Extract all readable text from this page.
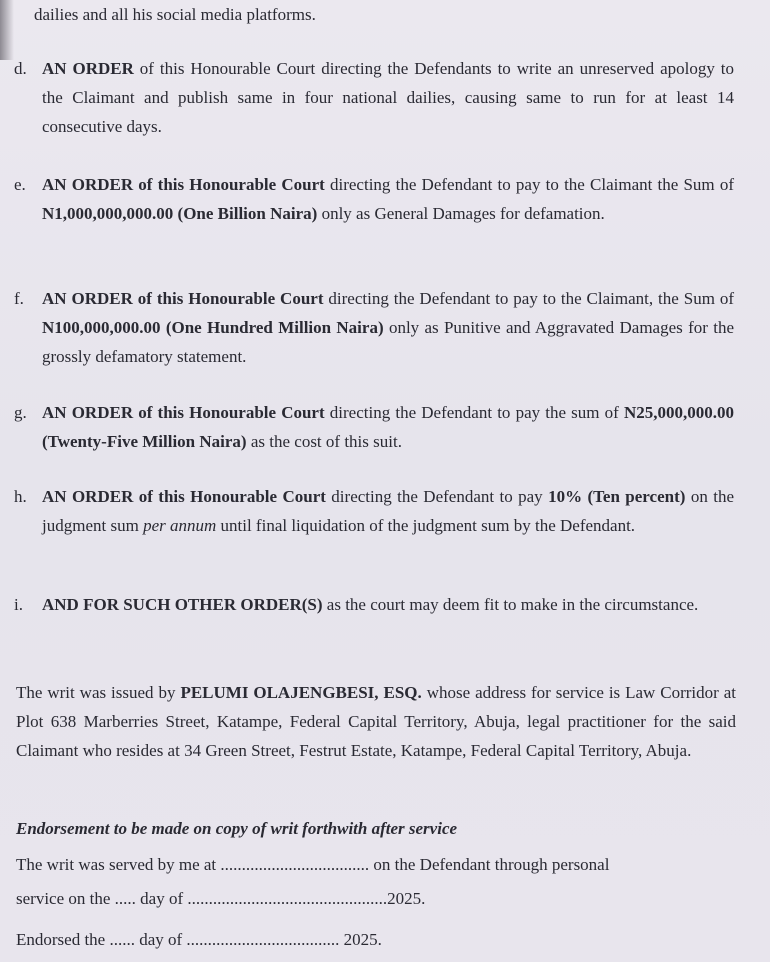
dailies and all his social media platforms.
d. AN ORDER of this Honourable Court directing the Defendants to write an unreserved apology to the Claimant and publish same in four national dailies, causing same to run for at least 14 consecutive days.
e. AN ORDER of this Honourable Court directing the Defendant to pay to the Claimant the Sum of N1,000,000,000.00 (One Billion Naira) only as General Damages for defamation.
f.	AN ORDER of this Honourable Court directing the Defendant to pay to the Claimant, the Sum of N100,000,000.00 (One Hundred Million Naira) only as Punitive and Aggravated Damages for the grossly defamatory statement.
g. AN ORDER of this Honourable Court directing the Defendant to pay the sum of N25,000,000.00 (Twenty-Five Million Naira) as the cost of this suit.
h. AN ORDER of this Honourable Court directing the Defendant to pay 10% (Ten percent) on the judgment sum per annum until final liquidation of the judgment sum by the Defendant.
i.	AND FOR SUCH OTHER ORDER(S) as the court may deem fit to make in the circumstance.
The writ was issued by PELUMI OLAJENGBESI, ESQ. whose address for service is Law Corridor at Plot 638 Marberries Street, Katampe, Federal Capital Territory, Abuja, legal practitioner for the said Claimant who resides at 34 Green Street, Festrut Estate, Katampe, Federal Capital Territory, Abuja.
Endorsement to be made on copy of writ forthwith after service
The writ was served by me at ................................... on the Defendant through personal
service on the ..... day of ...............................................2025.
Endorsed the ...... day of .................................... 2025.
